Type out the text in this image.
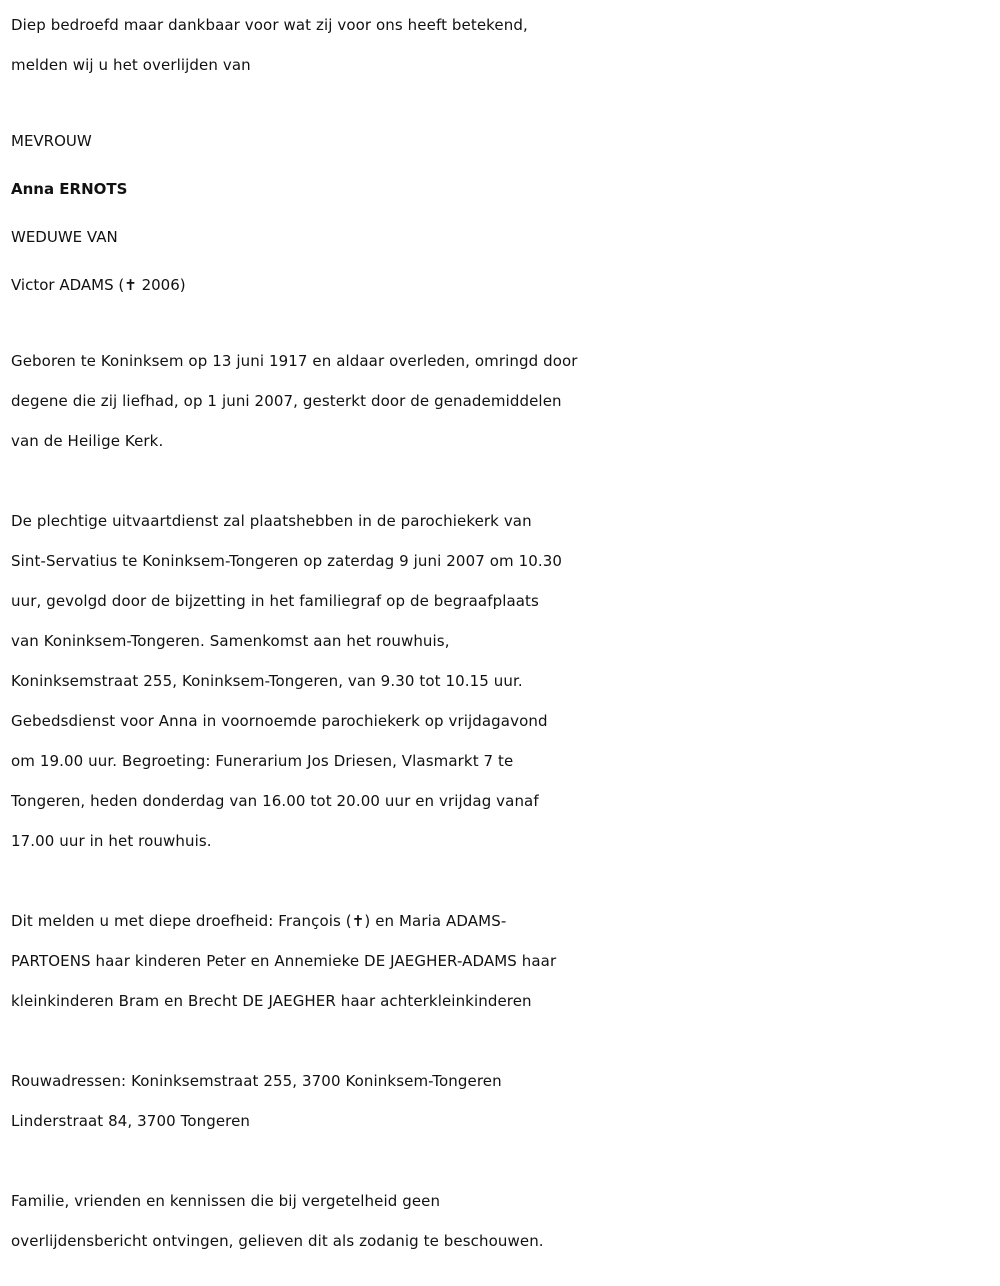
Diep bedroefd maar dankbaar voor wat zij voor ons heeft betekend,
melden wij u het overlijden van
MEVROUW
Anna ERNOTS
WEDUWE VAN
Victor ADAMS (✝ 2006)
Geboren te Koninksem op 13 juni 1917 en aldaar overleden, omringd door
degene die zij liefhad, op 1 juni 2007, gesterkt door de genademiddelen
van de Heilige Kerk.
De plechtige uitvaartdienst zal plaatshebben in de parochiekerk van
Sint-Servatius te Koninksem-Tongeren op zaterdag 9 juni 2007 om 10.30
uur, gevolgd door de bijzetting in het familiegraf op de begraafplaats
van Koninksem-Tongeren. Samenkomst aan het rouwhuis,
Koninksemstraat 255, Koninksem-Tongeren, van 9.30 tot 10.15 uur.
Gebedsdienst voor Anna in voornoemde parochiekerk op vrijdagavond
om 19.00 uur. Begroeting: Funerarium Jos Driesen, Vlasmarkt 7 te
Tongeren, heden donderdag van 16.00 tot 20.00 uur en vrijdag vanaf
17.00 uur in het rouwhuis.
Dit melden u met diepe droefheid: François (✝) en Maria ADAMS-
PARTOENS haar kinderen Peter en Annemieke DE JAEGHER-ADAMS haar
kleinkinderen Bram en Brecht DE JAEGHER haar achterkleinkinderen
Rouwadressen: Koninksemstraat 255, 3700 Koninksem-Tongeren
Linderstraat 84, 3700 Tongeren
Familie, vrienden en kennissen die bij vergetelheid geen
overlijdensbericht ontvingen, gelieven dit als zodanig te beschouwen.
